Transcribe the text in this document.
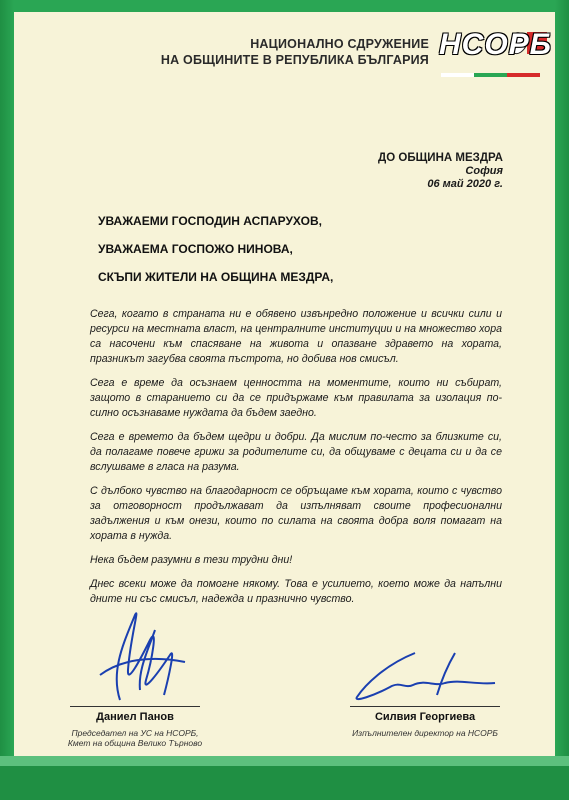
НАЦИОНАЛНО СДРУЖЕНИЕ
НА ОБЩИНИТЕ В РЕПУБЛИКА БЪЛГАРИЯ НСОРБ
ДО ОБЩИНА МЕЗДРА
София
06 май 2020 г.
УВАЖАЕМИ ГОСПОДИН АСПАРУХОВ,
УВАЖАЕМА ГОСПОЖО НИНОВА,
СКЪПИ ЖИТЕЛИ НА ОБЩИНА МЕЗДРА,

Сега, когато в страната ни е обявено извънредно положение и всички сили и ресурси на местната власт, на централните институции и на множество хора са насочени към спасяване на живота и опазване здравето на хората, празникът загубва своята пъстрота, но добива нов смисъл.

Сега е време да осъзнаем ценността на моментите, които ни събират, защото в старанието си да се придържаме към правилата за изолация по-силно осъзнаваме нуждата да бъдем заедно.

Сега е времето да бъдем щедри и добри. Да мислим по-често за близките си, да полагаме повече грижи за родителите си, да общуваме с децата си и да се вслушваме в гласа на разума.

С дълбоко чувство на благодарност се обръщаме към хората, които с чувство за отговорност продължават да изпълняват своите професионални задължения и към онези, които по силата на своята добра воля помагат на хората в нужда.

Нека бъдем разумни в тези трудни дни!

Днес всеки може да помогне някому. Това е усилието, което може да напълни дните ни със смисъл, надежда и празнично чувство.

Даниел Панов	Силвия Георгиева
Председател на УС на НСОРБ,
Кмет на община Велико Търново
Изпълнителен директор на НСОРБ
